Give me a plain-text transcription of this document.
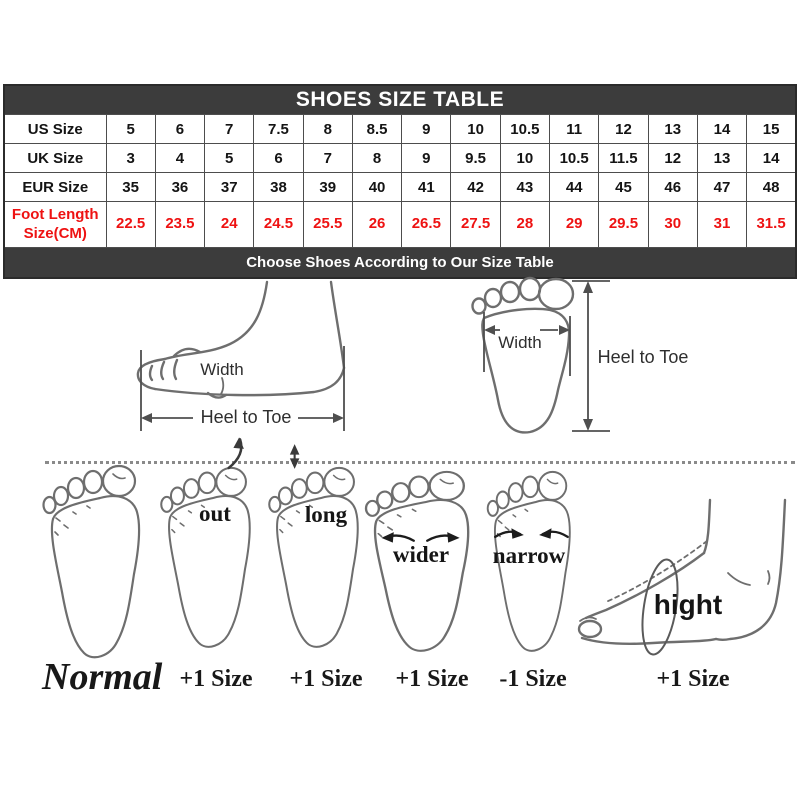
SHOES SIZE TABLE														
US Size	5	6	7	7.5	8	8.5	9	10	10.5	11	12	13	14	15
UK Size	3	4	5	6	7	8	9	9.5	10	10.5	11.5	12	13	14
EUR Size	35	36	37	38	39	40	41	42	43	44	45	46	47	48
Foot Length
Size(CM)	22.5	23.5	24	24.5	25.5	26	26.5	27.5	28	29	29.5	30	31	31.5
Choose Shoes According to Our Size Table														
Width
Heel to Toe
Width
Heel to Toe
out	long
wider	narrow
hight
Normal +1 Size	+1 Size	+1 Size	-1 Size	+1 Size
